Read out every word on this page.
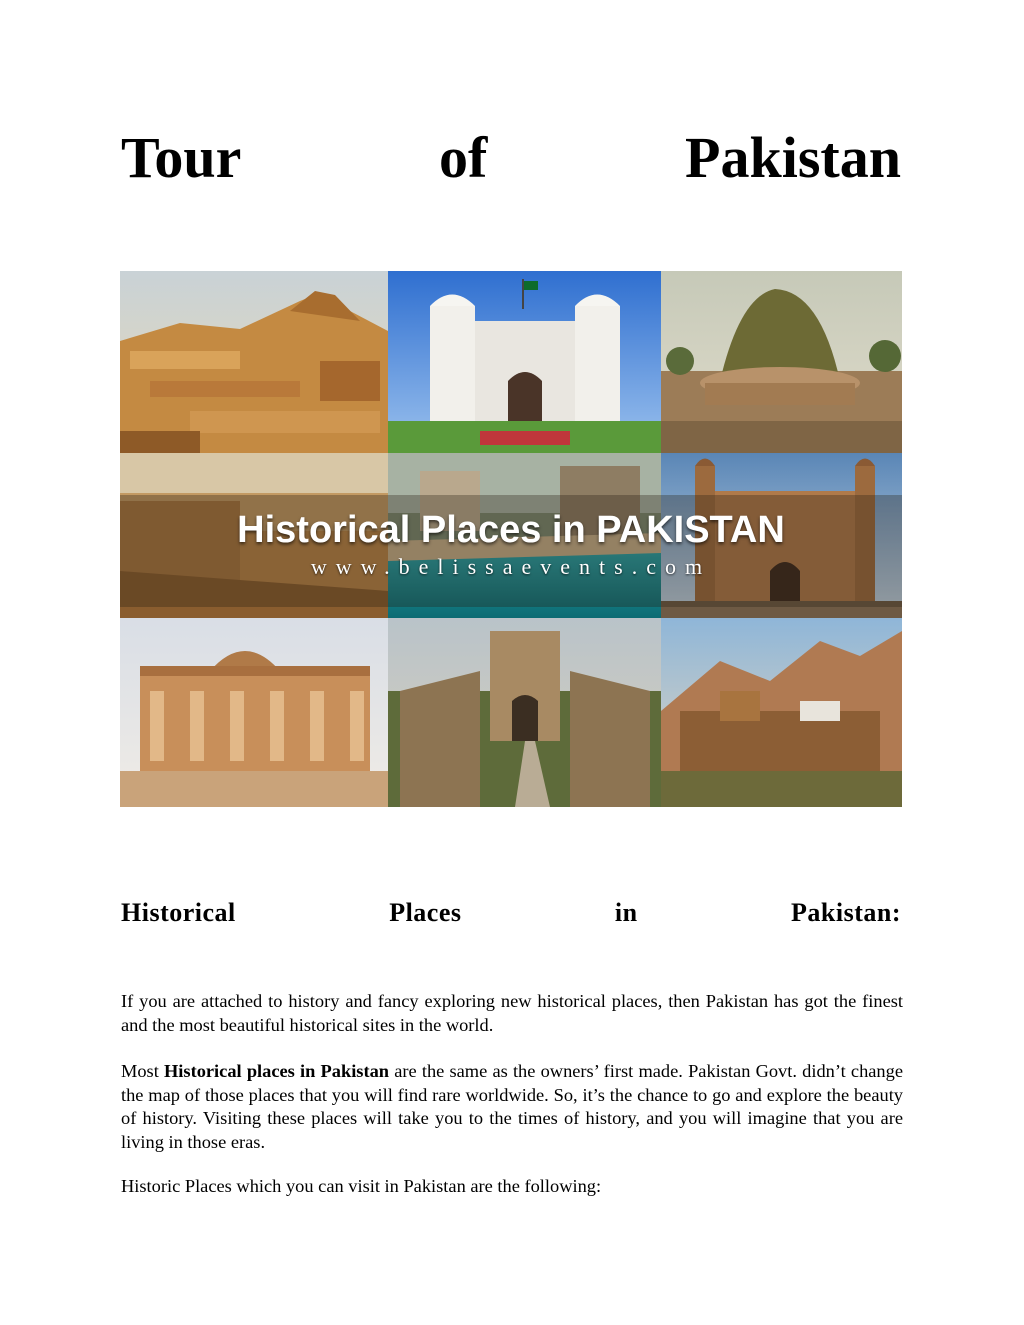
Tour	of	Pakistan
Historical Places in PAKISTAN
www.belissaevents.com
Historical	Places	in	Pakistan:

If you are attached to history and fancy exploring new historical places, then Pakistan has got the finest and the most beautiful historical sites in the world.

Most Historical places in Pakistan are the same as the owners’ first made. Pakistan Govt. didn’t change the map of those places that you will find rare worldwide. So, it’s the chance to go and explore the beauty of history. Visiting these places will take you to the times of history, and you will imagine that you are living in those eras.

Historic Places which you can visit in Pakistan are the following:
